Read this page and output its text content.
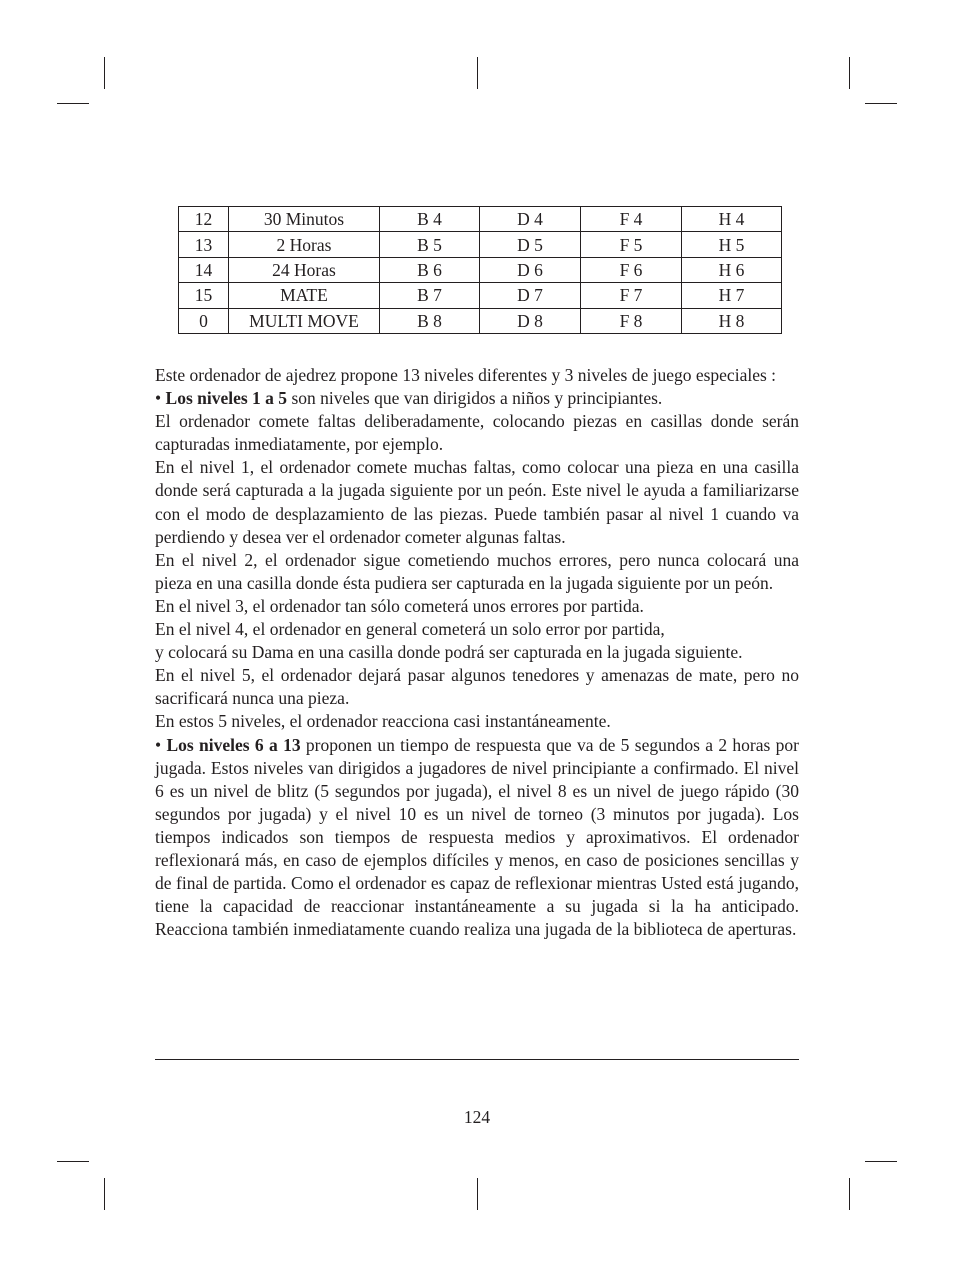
12	30 Minutos	B 4	D 4	F 4	H 4
13	2 Horas	B 5	D 5	F 5	H 5
14	24 Horas	B 6	D 6	F 6	H 6
15	MATE	B 7	D 7	F 7	H 7
0	MULTI MOVE	B 8	D 8	F 8	H 8

Este ordenador de ajedrez propone 13 niveles diferentes y 3 niveles de juego especiales :

• Los niveles 1 a 5 son niveles que van dirigidos a niños y principiantes.

El ordenador comete faltas deliberadamente, colocando piezas en casillas donde serán capturadas inmediatamente, por ejemplo.

En el nivel 1, el ordenador comete muchas faltas, como colocar una pieza en una casilla donde será capturada a la jugada siguiente por un peón. Este nivel le ayuda a familiarizarse con el modo de desplazamiento de las piezas. Puede también pasar al nivel 1 cuando va perdiendo y desea ver el ordenador cometer algunas faltas.

En el nivel 2, el ordenador sigue cometiendo muchos errores, pero nunca colocará una pieza en una casilla donde ésta pudiera ser capturada en la jugada siguiente por un peón.

En el nivel 3, el ordenador tan sólo cometerá unos errores por partida.

En el nivel 4, el ordenador en general cometerá un solo error por partida,

y colocará su Dama en una casilla donde podrá ser capturada en la jugada siguiente.

En el nivel 5, el ordenador dejará pasar algunos tenedores y amenazas de mate, pero no sacrificará nunca una pieza.

En estos 5 niveles, el ordenador reacciona casi instantáneamente.

• Los niveles 6 a 13 proponen un tiempo de respuesta que va de 5 segundos a 2 horas por jugada. Estos niveles van dirigidos a jugadores de nivel principiante a confirmado. El nivel 6 es un nivel de blitz (5 segundos por jugada), el nivel 8 es un nivel de juego rápido (30 segundos por jugada) y el nivel 10 es un nivel de torneo (3 minutos por jugada). Los tiempos indicados son tiempos de respuesta medios y aproximativos. El ordenador reflexionará más, en caso de ejemplos difíciles y menos, en caso de posiciones sencillas y de final de partida. Como el ordenador es capaz de reflexionar mientras Usted está jugando, tiene la capacidad de reaccionar instantáneamente a su jugada si la ha anticipado. Reacciona también inmediatamente cuando realiza una jugada de la biblioteca de aperturas.

124
